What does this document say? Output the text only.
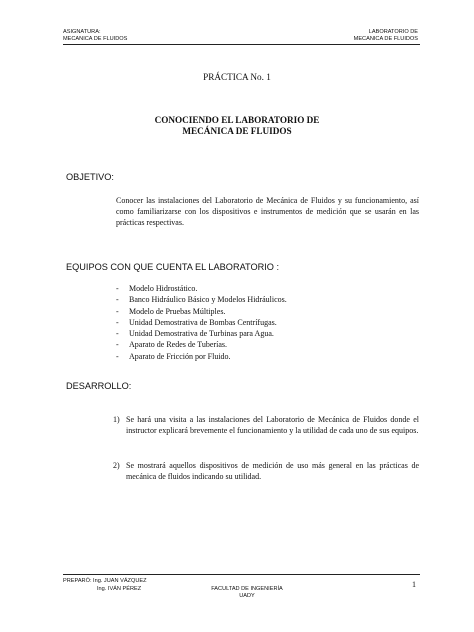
ASIGNATURA:
MECANICA DE FLUIDOS
LABORATORIO DE
MECANICA DE FLUIDOS
PRÁCTICA No. 1
CONOCIENDO EL LABORATORIO DE
MECÁNICA DE FLUIDOS
OBJETIVO:
Conocer las instalaciones del Laboratorio de Mecánica de Fluidos y su funcionamiento, así como familiarizarse con los dispositivos e instrumentos de medición que se usarán en las prácticas respectivas.
EQUIPOS CON QUE CUENTA EL LABORATORIO :
- Modelo Hidrostático.
- Banco Hidráulico Básico y Modelos Hidráulicos.
- Modelo de Pruebas Múltiples.
- Unidad Demostrativa de Bombas Centrífugas.
- Unidad Demostrativa de Turbinas para Agua.
- Aparato de Redes de Tuberías.
- Aparato de Fricción por Fluido.
DESARROLLO:
1) Se hará una visita a las instalaciones del Laboratorio de Mecánica de Fluidos donde el instructor explicará brevemente el funcionamiento y la utilidad de cada uno de sus equipos.
2) Se mostrará aquellos dispositivos de medición de uso más general en las prácticas de mecánica de fluidos indicando su utilidad.
PREPARÓ: Ing. JUAN VÁZQUEZ
Ing. IVÁN PÉREZ	FACULTAD DE INGENIERÍA
UADY
1
